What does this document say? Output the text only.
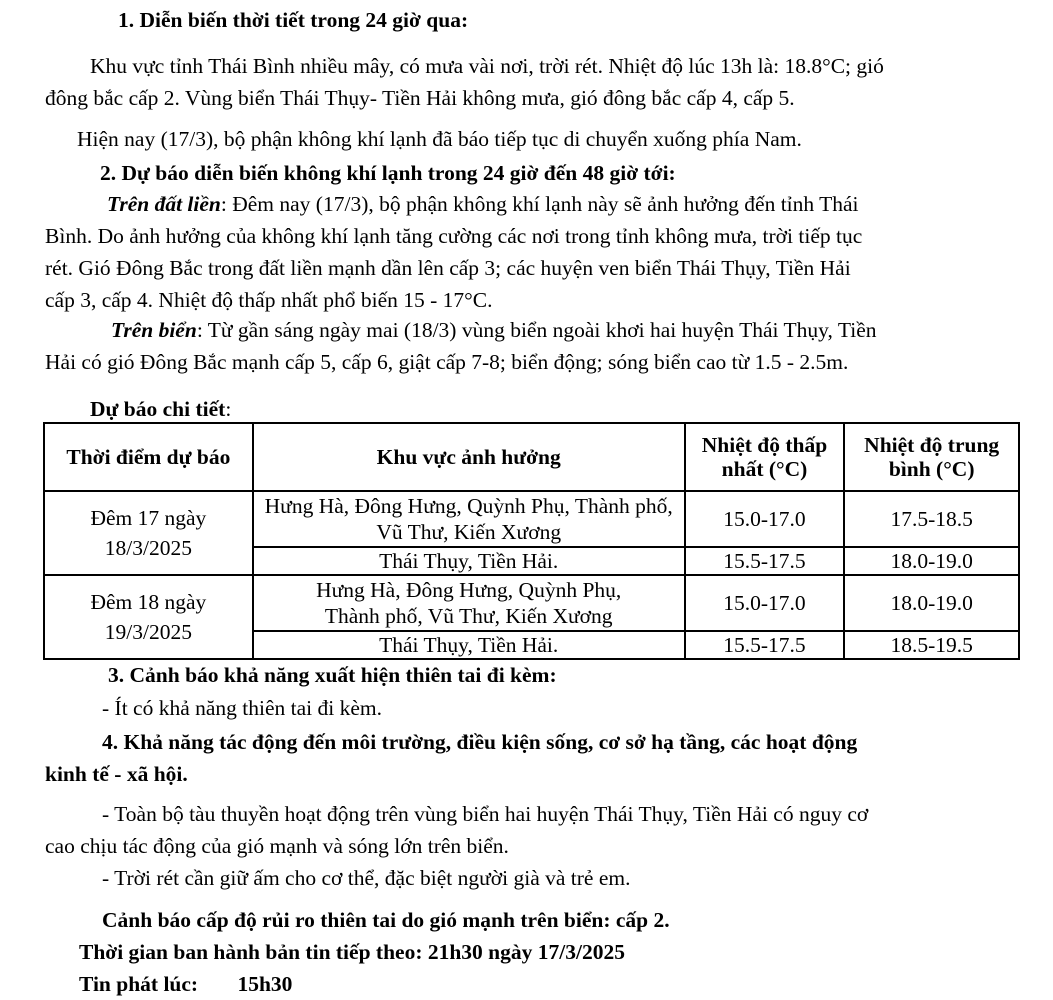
1. Diễn biến thời tiết trong 24 giờ qua:
Khu vực tỉnh Thái Bình nhiều mây, có mưa vài nơi, trời rét. Nhiệt độ lúc 13h là: 18.8°C; gió
đông bắc cấp 2. Vùng biển Thái Thụy- Tiền Hải không mưa, gió đông bắc cấp 4, cấp 5.
Hiện nay (17/3), bộ phận không khí lạnh đã báo tiếp tục di chuyển xuống phía Nam.
2. Dự báo diễn biến không khí lạnh trong 24 giờ đến 48 giờ tới:
Trên đất liền: Đêm nay (17/3), bộ phận không khí lạnh này sẽ ảnh hưởng đến tỉnh Thái
Bình. Do ảnh hưởng của không khí lạnh tăng cường các nơi trong tỉnh không mưa, trời tiếp tục
rét. Gió Đông Bắc trong đất liền mạnh dần lên cấp 3; các huyện ven biển Thái Thụy, Tiền Hải
cấp 3, cấp 4. Nhiệt độ thấp nhất phổ biến 15 - 17°C.
Trên biển: Từ gần sáng ngày mai (18/3) vùng biển ngoài khơi hai huyện Thái Thụy, Tiền
Hải có gió Đông Bắc mạnh cấp 5, cấp 6, giật cấp 7-8; biển động; sóng biển cao từ 1.5 - 2.5m.
Dự báo chi tiết:
Thời điểm dự báo	Khu vực ảnh hưởng	Nhiệt độ thấp nhất (°C)	Nhiệt độ trung bình (°C)
Đêm 17 ngày 18/3/2025	Hưng Hà, Đông Hưng, Quỳnh Phụ, Thành phố, Vũ Thư, Kiến Xương	15.0-17.0	17.5-18.5
	Thái Thụy, Tiền Hải.	15.5-17.5	18.0-19.0
Đêm 18 ngày 19/3/2025	Hưng Hà, Đông Hưng, Quỳnh Phụ, Thành phố, Vũ Thư, Kiến Xương	15.0-17.0	18.0-19.0
	Thái Thụy, Tiền Hải.	15.5-17.5	18.5-19.5
3. Cảnh báo khả năng xuất hiện thiên tai đi kèm:
- Ít có khả năng thiên tai đi kèm.
4. Khả năng tác động đến môi trường, điều kiện sống, cơ sở hạ tầng, các hoạt động
kinh tế - xã hội.
- Toàn bộ tàu thuyền hoạt động trên vùng biển hai huyện Thái Thụy, Tiền Hải có nguy cơ
cao chịu tác động của gió mạnh và sóng lớn trên biển.
- Trời rét cần giữ ấm cho cơ thể, đặc biệt người già và trẻ em.
Cảnh báo cấp độ rủi ro thiên tai do gió mạnh trên biển: cấp 2.
Thời gian ban hành bản tin tiếp theo: 21h30 ngày 17/3/2025
Tin phát lúc: 15h30
